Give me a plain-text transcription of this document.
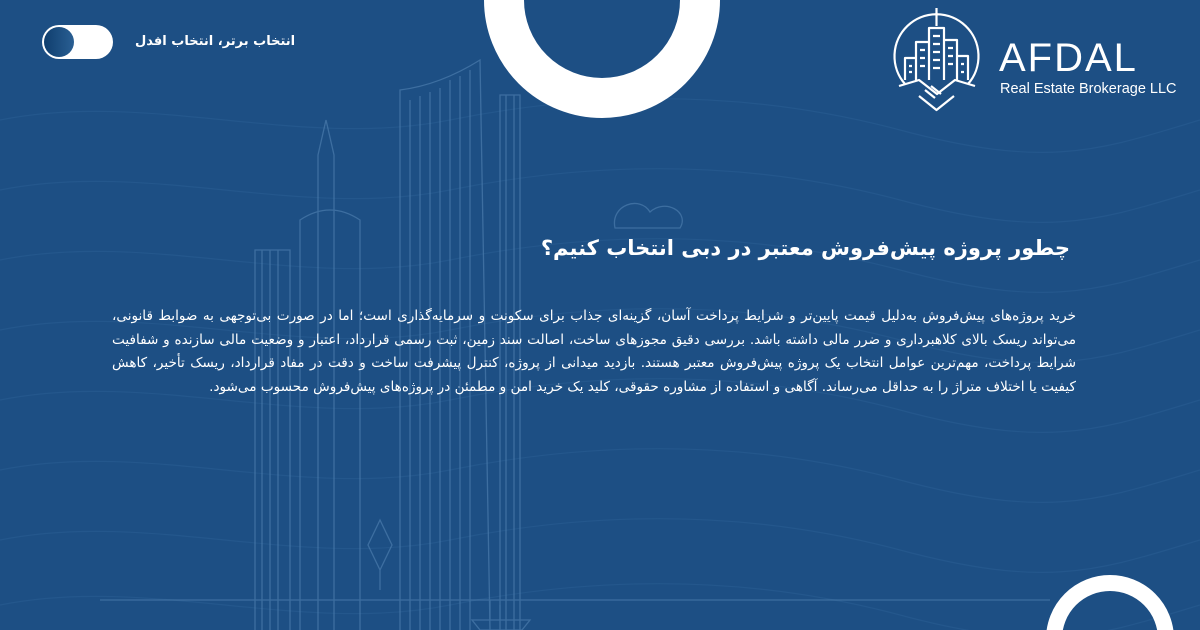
انتخاب برتر، انتخاب افدل	AFDAL
Real Estate Brokerage LLC
چطور پروژه پیش‌فروش معتبر در دبی انتخاب کنیم؟

خرید پروژه‌های پیش‌فروش به‌دلیل قیمت پایین‌تر و شرایط پرداخت آسان، گزینه‌ای جذاب برای سکونت و سرمایه‌گذاری است؛ اما در صورت بی‌توجهی به ضوابط قانونی، می‌تواند ریسک بالای کلاهبرداری و ضرر مالی داشته باشد. بررسی دقیق مجوزهای ساخت، اصالت سند زمین، ثبت رسمی قرارداد، اعتبار و وضعیت مالی سازنده و شفافیت شرایط پرداخت، مهم‌ترین عوامل انتخاب یک پروژه پیش‌فروش معتبر هستند. بازدید میدانی از پروژه، کنترل پیشرفت ساخت و دقت در مفاد قرارداد، ریسک تأخیر، کاهش کیفیت یا اختلاف متراژ را به حداقل می‌رساند. آگاهی و استفاده از مشاوره حقوقی، کلید یک خرید امن و مطمئن در پروژه‌های پیش‌فروش محسوب می‌شود.
